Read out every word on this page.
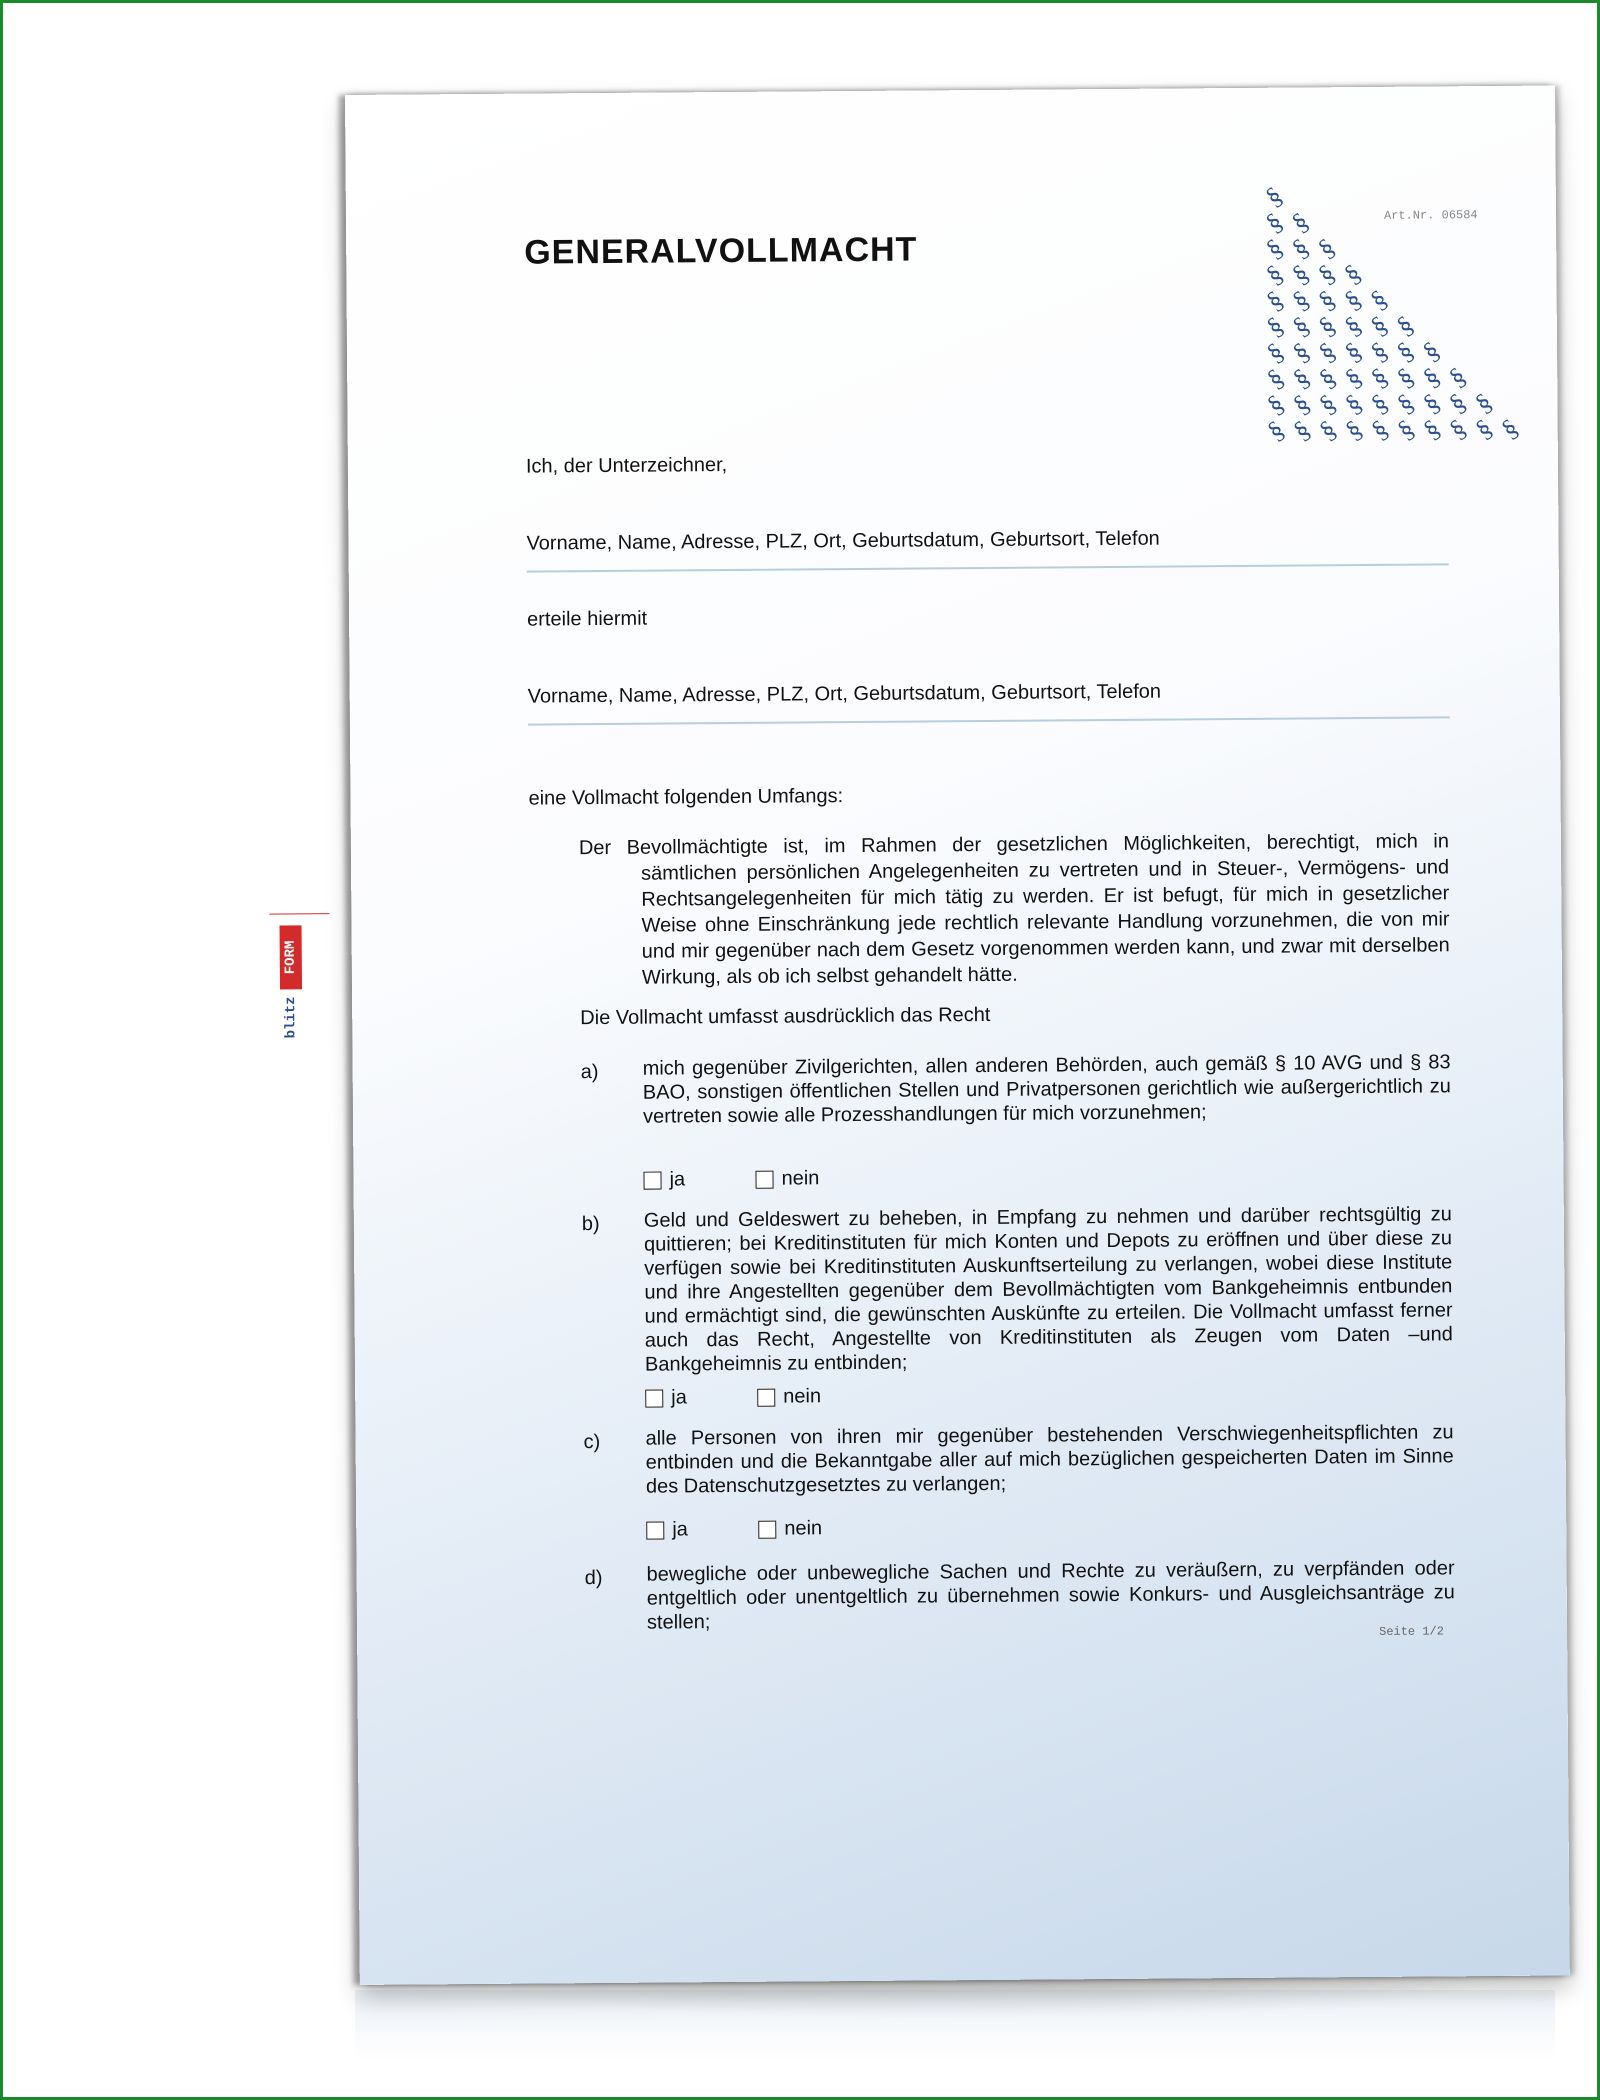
GENERALVOLLMACHT
Art.Nr. 06584
§
§
§
§
§
§
§
§
§
§
§
§
§
§
§
§
§
§
§
§
§
§
§
§
§
§
§
§
§
§
§
§
§
§
§
§
§
§
§
§
§
§
§
§
§
§
§
§
§
§
§
§
§
§
§
Ich, der Unterzeichner,
Vorname, Name, Adresse, PLZ, Ort, Geburtsdatum, Geburtsort, Telefon
erteile hiermit
Vorname, Name, Adresse, PLZ, Ort, Geburtsdatum, Geburtsort, Telefon
eine Vollmacht folgenden Umfangs:
Der Bevollmächtigte ist, im Rahmen der gesetzlichen Möglichkeiten, berechtigt, mich in sämtlichen persönlichen Angelegenheiten zu vertreten und in Steuer-, Vermögens- und Rechtsangelegenheiten für mich tätig zu werden. Er ist befugt, für mich in gesetzlicher Weise ohne Einschränkung jede rechtlich relevante Handlung vorzunehmen, die von mir und mir gegenüber nach dem Gesetz vorgenommen werden kann, und zwar mit derselben Wirkung, als ob ich selbst gehandelt hätte.
Die Vollmacht umfasst ausdrücklich das Recht
a) mich gegenüber Zivilgerichten, allen anderen Behörden, auch gemäß § 10 AVG und § 83 BAO, sonstigen öffentlichen Stellen und Privatpersonen gerichtlich wie außergerichtlich zu vertreten sowie alle Prozesshandlungen für mich vorzunehmen;
ja	nein
b) Geld und Geldeswert zu beheben, in Empfang zu nehmen und darüber rechtsgültig zu quittieren; bei Kreditinstituten für mich Konten und Depots zu eröffnen und über diese zu verfügen sowie bei Kreditinstituten Auskunftserteilung zu verlangen, wobei diese Institute und ihre Angestellten gegenüber dem Bevollmächtigten vom Bankgeheimnis entbunden und ermächtigt sind, die gewünschten Auskünfte zu erteilen. Die Vollmacht umfasst ferner auch das Recht, Angestellte von Kreditinstituten als Zeugen vom Daten –und Bankgeheimnis zu entbinden;
ja	nein
c) alle Personen von ihren mir gegenüber bestehenden Verschwiegenheitspflichten zu entbinden und die Bekanntgabe aller auf mich bezüglichen gespeicherten Daten im Sinne des Datenschutzgesetztes zu verlangen;
ja	nein
d) bewegliche oder unbewegliche Sachen und Rechte zu veräußern, zu verpfänden oder entgeltlich oder unentgeltlich zu übernehmen sowie Konkurs- und Ausgleichsanträge zu stellen;	Seite 1/2
FORM
blitz
